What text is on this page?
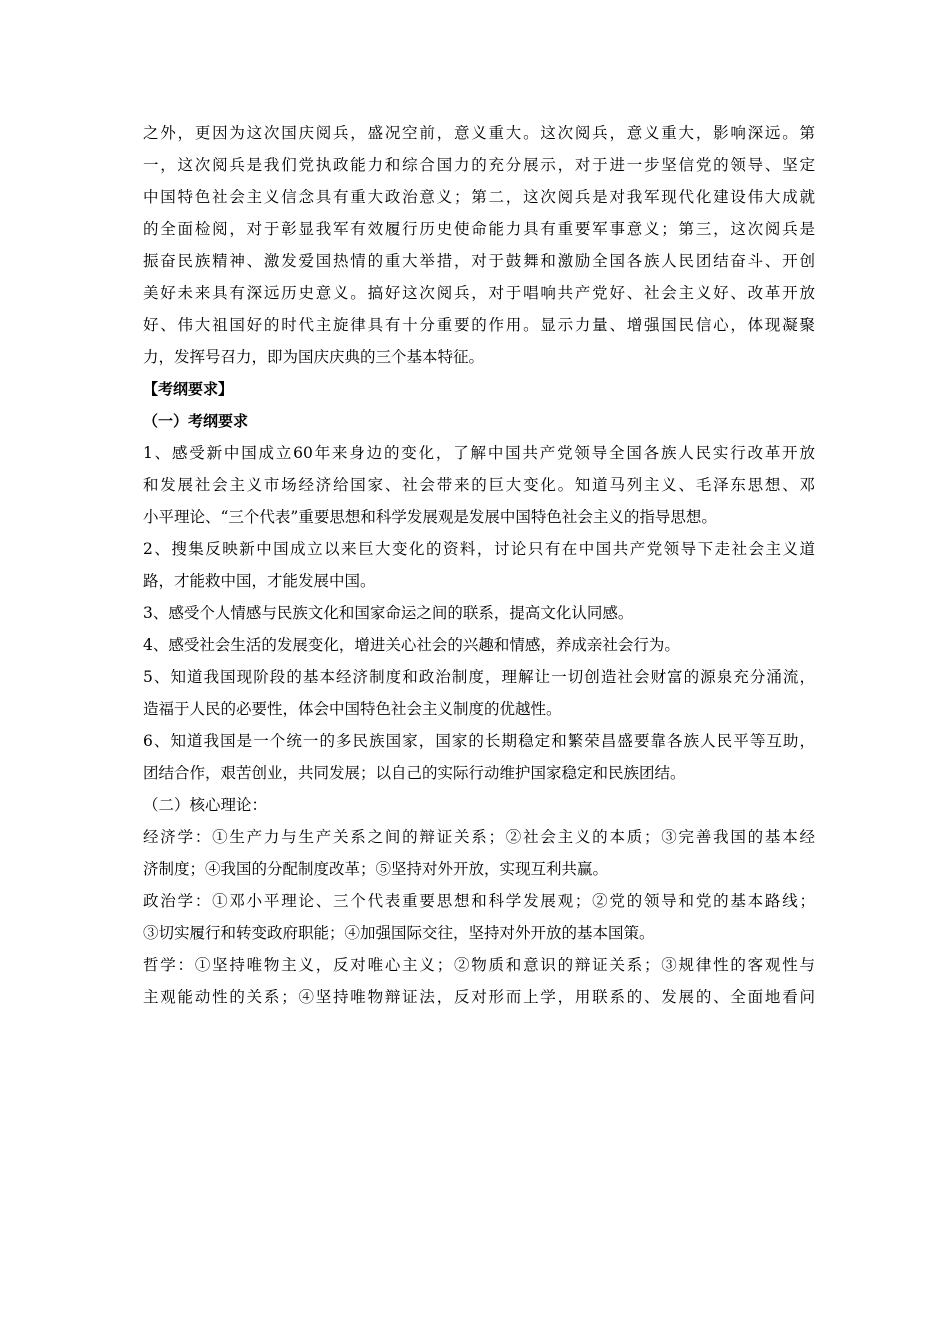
之外，更因为这次国庆阅兵，盛况空前，意义重大。这次阅兵，意义重大，影响深远。第
一，这次阅兵是我们党执政能力和综合国力的充分展示，对于进一步坚信党的领导、坚定
中国特色社会主义信念具有重大政治意义；第二，这次阅兵是对我军现代化建设伟大成就
的全面检阅，对于彰显我军有效履行历史使命能力具有重要军事意义；第三，这次阅兵是
振奋民族精神、激发爱国热情的重大举措，对于鼓舞和激励全国各族人民团结奋斗、开创
美好未来具有深远历史意义。搞好这次阅兵，对于唱响共产党好、社会主义好、改革开放
好、伟大祖国好的时代主旋律具有十分重要的作用。显示力量、增强国民信心，体现凝聚
力，发挥号召力，即为国庆庆典的三个基本特征。
【考纲要求】
（一）考纲要求
1、感受新中国成立60年来身边的变化，了解中国共产党领导全国各族人民实行改革开放
和发展社会主义市场经济给国家、社会带来的巨大变化。知道马列主义、毛泽东思想、邓
小平理论、“三个代表”重要思想和科学发展观是发展中国特色社会主义的指导思想。
2、搜集反映新中国成立以来巨大变化的资料，讨论只有在中国共产党领导下走社会主义道
路，才能救中国，才能发展中国。
3、感受个人情感与民族文化和国家命运之间的联系，提高文化认同感。
4、感受社会生活的发展变化，增进关心社会的兴趣和情感，养成亲社会行为。
5、知道我国现阶段的基本经济制度和政治制度，理解让一切创造社会财富的源泉充分涌流，
造福于人民的必要性，体会中国特色社会主义制度的优越性。
6、知道我国是一个统一的多民族国家，国家的长期稳定和繁荣昌盛要靠各族人民平等互助，
团结合作，艰苦创业，共同发展；以自己的实际行动维护国家稳定和民族团结。
（二）核心理论：
经济学：①生产力与生产关系之间的辩证关系；②社会主义的本质；③完善我国的基本经
济制度；④我国的分配制度改革；⑤坚持对外开放，实现互利共赢。
政治学：①邓小平理论、三个代表重要思想和科学发展观；②党的领导和党的基本路线；
③切实履行和转变政府职能；④加强国际交往，坚持对外开放的基本国策。
哲学：①坚持唯物主义，反对唯心主义；②物质和意识的辩证关系；③规律性的客观性与
主观能动性的关系；④坚持唯物辩证法，反对形而上学，用联系的、发展的、全面地看问
